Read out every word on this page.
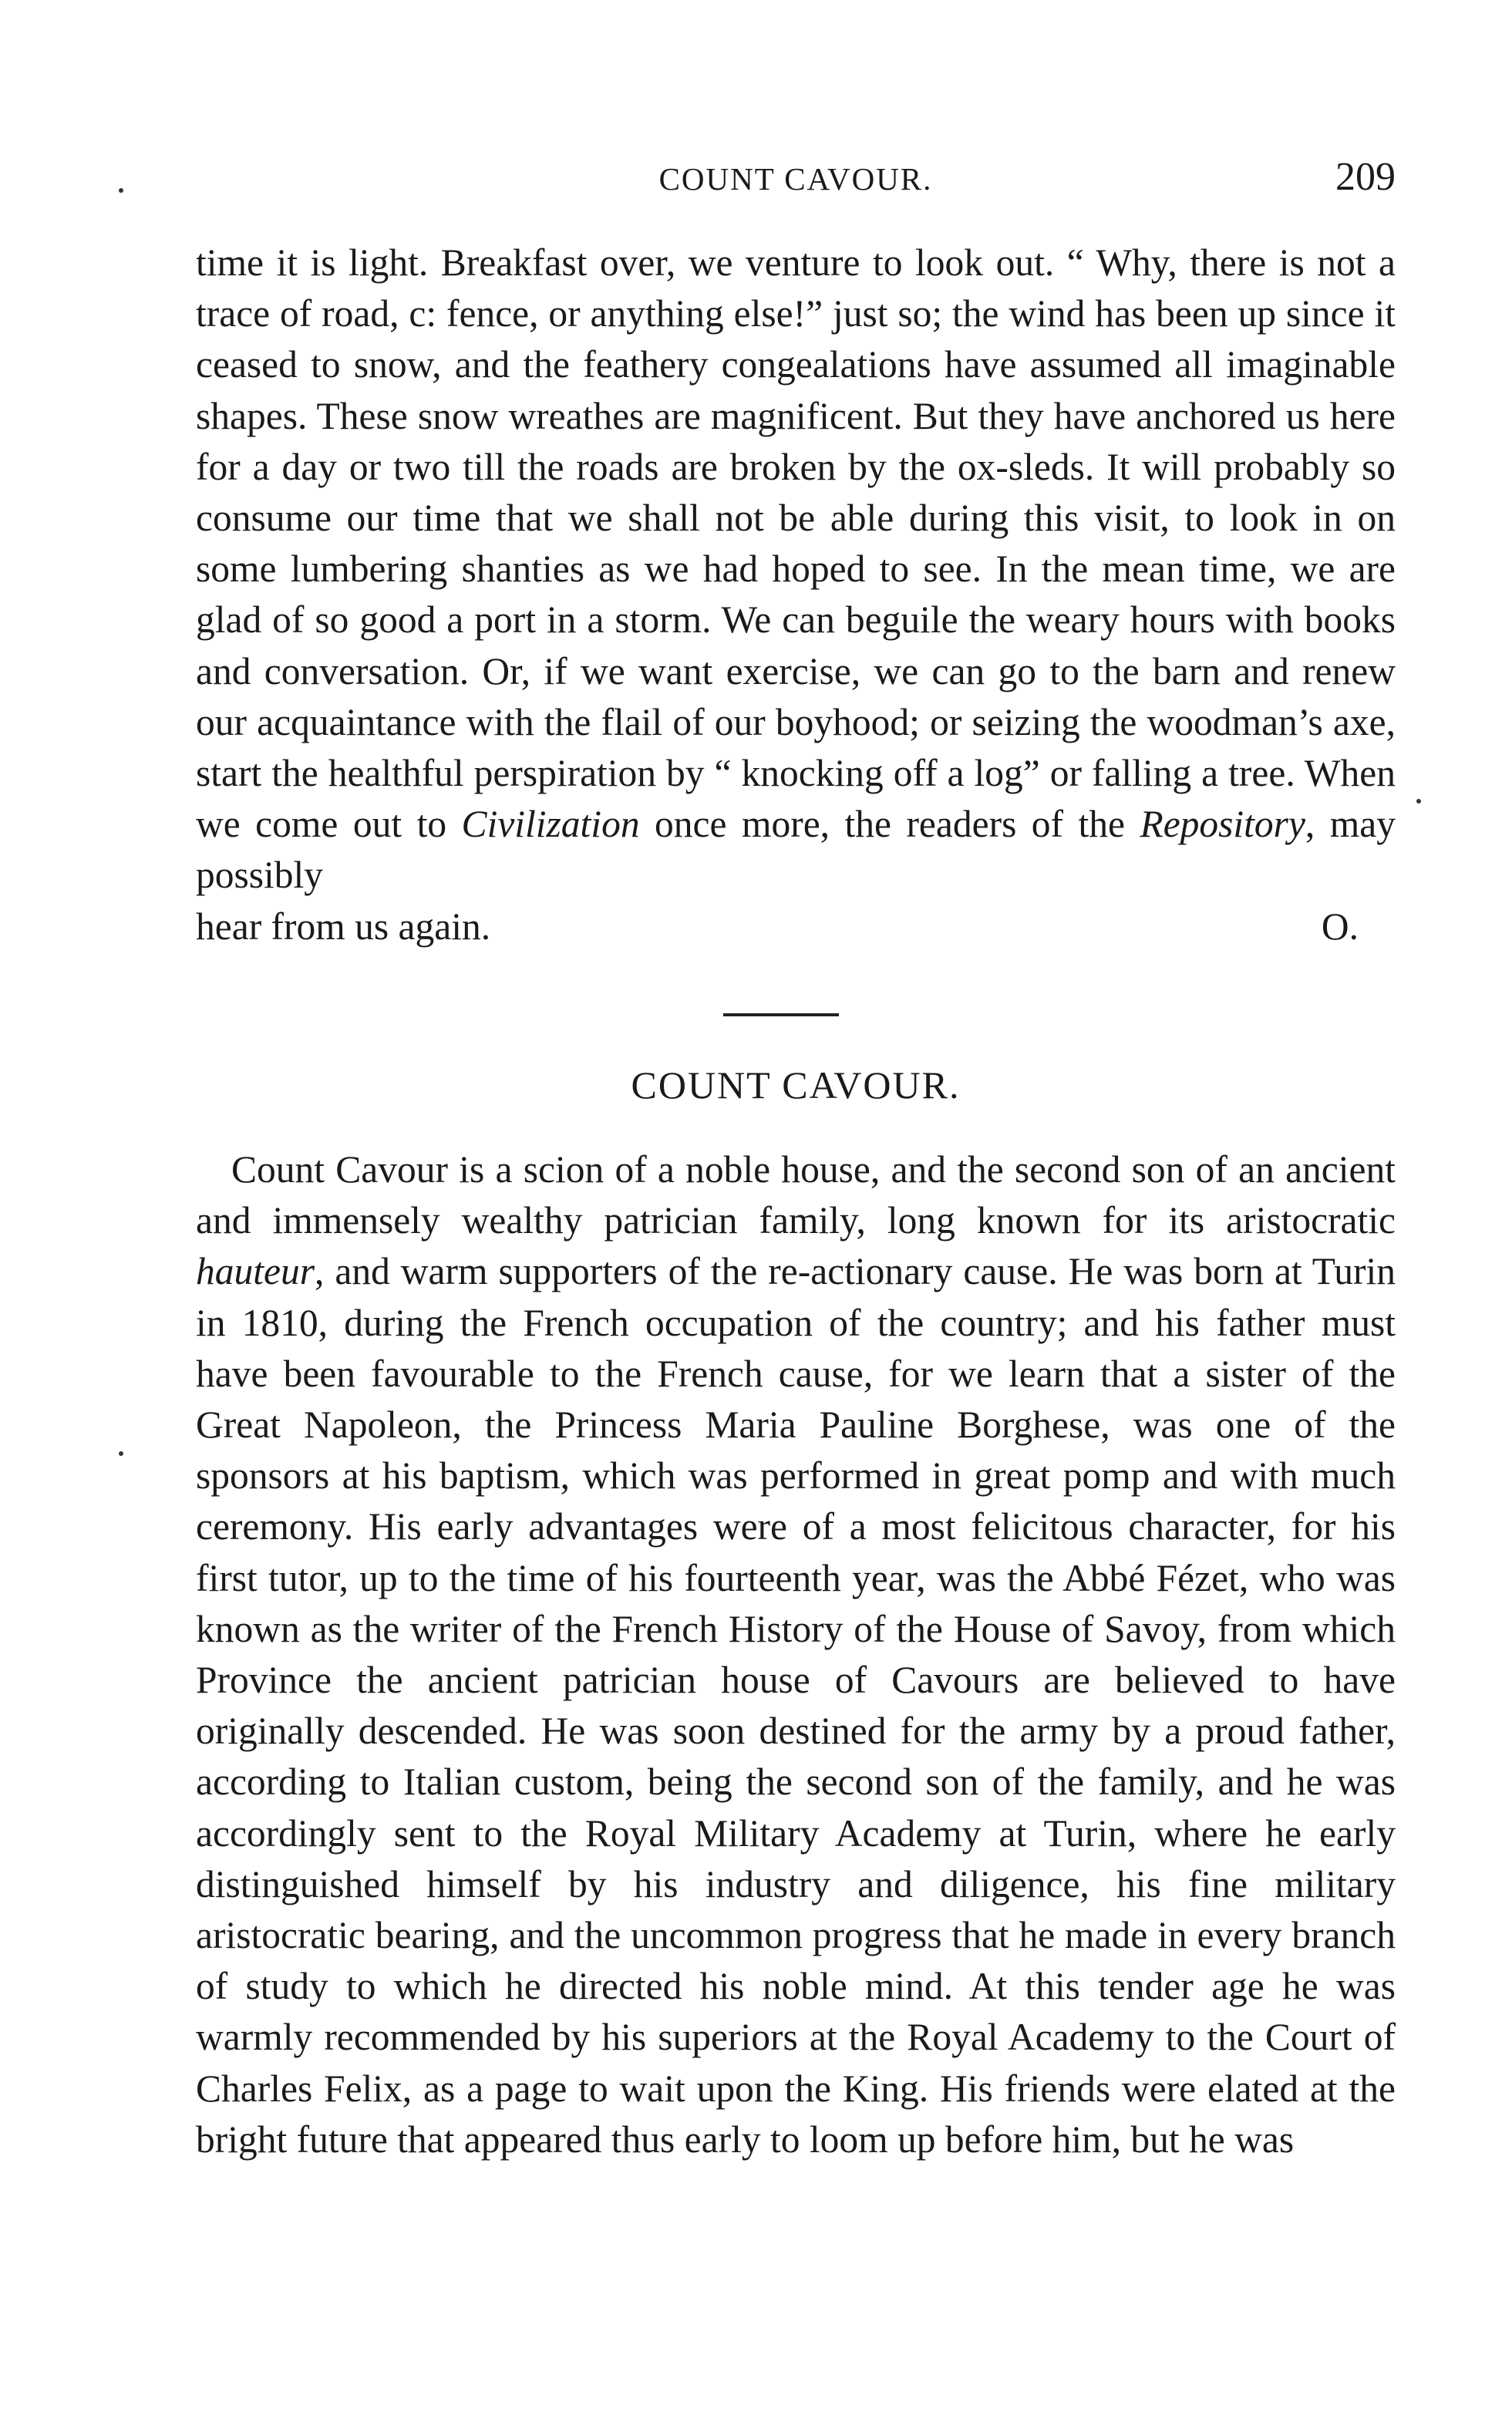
COUNT CAVOUR.	209

time it is light. Breakfast over, we venture to look out. “ Why, there is not a trace of road, c: fence, or anything else!” just so; the wind has been up since it ceased to snow, and the feathery congealations have assumed all imaginable shapes. These snow wreathes are magnificent. But they have anchored us here for a day or two till the roads are broken by the ox-sleds. It will probably so consume our time that we shall not be able during this visit, to look in on some lumbering shanties as we had hoped to see. In the mean time, we are glad of so good a port in a storm. We can beguile the weary hours with books and conversation. Or, if we want exercise, we can go to the barn and renew our acquaintance with the flail of our boyhood; or seizing the woodman’s axe, start the healthful perspiration by “ knocking off a log” or falling a tree. When we come out to Civilization once more, the readers of the Repository, may possibly

hear from us again.	O.
COUNT CAVOUR.

Count Cavour is a scion of a noble house, and the second son of an ancient and immensely wealthy patrician family, long known for its aristocratic hauteur, and warm supporters of the re-actionary cause. He was born at Turin in 1810, during the French occupation of the country; and his father must have been favourable to the French cause, for we learn that a sister of the Great Napoleon, the Princess Maria Pauline Borghese, was one of the sponsors at his baptism, which was performed in great pomp and with much ceremony. His early advantages were of a most felicitous character, for his first tutor, up to the time of his fourteenth year, was the Abbé Fézet, who was known as the writer of the French History of the House of Savoy, from which Province the ancient patrician house of Cavours are believed to have originally descended. He was soon destined for the army by a proud father, according to Italian custom, being the second son of the family, and he was accordingly sent to the Royal Military Academy at Turin, where he early distinguished himself by his industry and diligence, his fine military aristocratic bearing, and the uncommon progress that he made in every branch of study to which he directed his noble mind. At this tender age he was warmly recommended by his superiors at the Royal Academy to the Court of Charles Felix, as a page to wait upon the King. His friends were elated at the bright future that appeared thus early to loom up before him, but he was
